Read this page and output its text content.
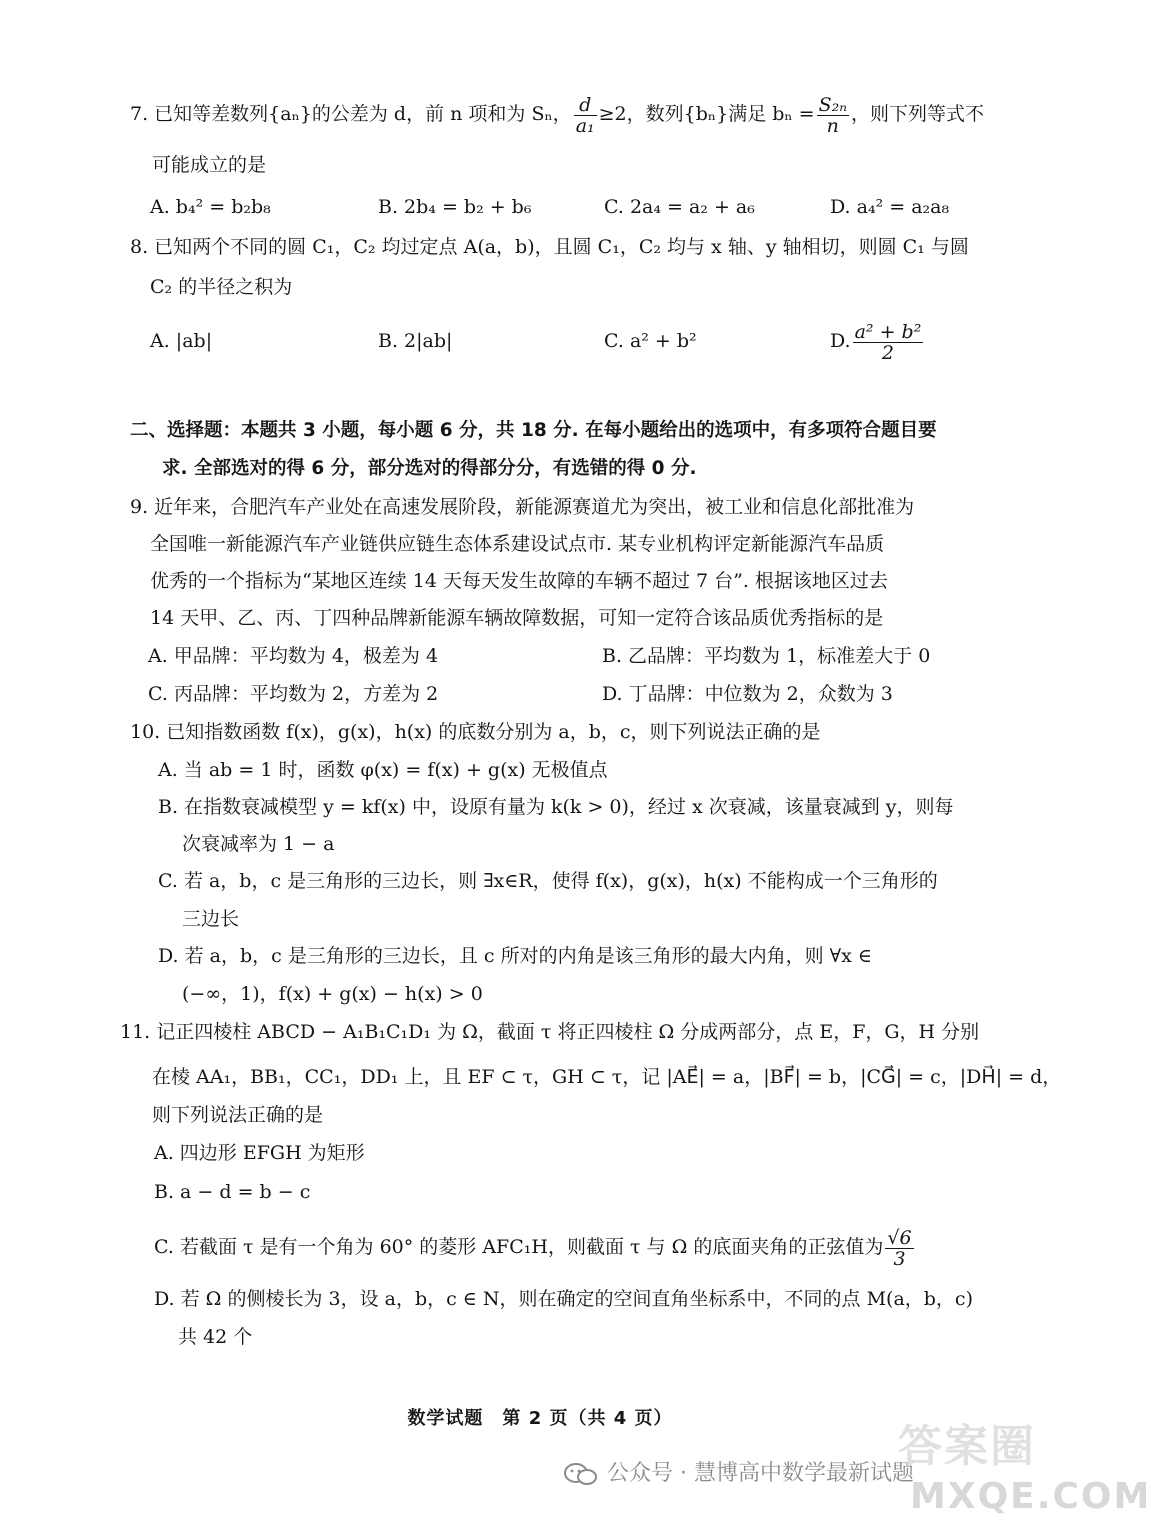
7. 已知等差数列{aₙ}的公差为 d，前 n 项和为 Sₙ， $\frac{d}{\text{a₁}} \ge 2$，数列{bₙ}满足 $b_n = \frac{\text{S₂ₙ}}{n}$ ，则下列等式不
可能成立的是
A. b₄² = b₂b₈	B. 2b₄ = b₂ + b₆	C. 2a₄ = a₂ + a₆	D. a₄² = a₂a₈
8. 已知两个不同的圆 C₁，C₂ 均过定点 A(a，b)，且圆 C₁，C₂ 均与 x 轴、y 轴相切，则圆 C₁ 与圆
C₂ 的半径之积为
A. |ab|	B. 2|ab|	C. a² + b²	D. $\frac{\text{a² + b²}}{2}$
二、选择题：本题共 3 小题，每小题 6 分，共 18 分. 在每小题给出的选项中，有多项符合题目要
求. 全部选对的得 6 分，部分选对的得部分分，有选错的得 0 分.
9. 近年来，合肥汽车产业处在高速发展阶段，新能源赛道尤为突出，被工业和信息化部批准为
全国唯一新能源汽车产业链供应链生态体系建设试点市. 某专业机构评定新能源汽车品质
优秀的一个指标为“某地区连续 14 天每天发生故障的车辆不超过 7 台”. 根据该地区过去
14 天甲、乙、丙、丁四种品牌新能源车辆故障数据，可知一定符合该品质优秀指标的是
A. 甲品牌：平均数为 4，极差为 4	B. 乙品牌：平均数为 1，标准差大于 0
C. 丙品牌：平均数为 2，方差为 2	D. 丁品牌：中位数为 2，众数为 3
10. 已知指数函数 f(x)，g(x)，h(x) 的底数分别为 a，b，c，则下列说法正确的是
A. 当 ab = 1 时，函数 φ(x) = f(x) + g(x) 无极值点
B. 在指数衰减模型 y = kf(x) 中，设原有量为 k(k > 0)，经过 x 次衰减，该量衰减到 y，则每
次衰减率为 1 − a
C. 若 a，b，c 是三角形的三边长，则 ∃x∈R，使得 f(x)，g(x)，h(x) 不能构成一个三角形的
三边长
D. 若 a，b，c 是三角形的三边长，且 c 所对的内角是该三角形的最大内角，则 ∀x ∈
(−∞，1)，f(x) + g(x) − h(x) > 0
11. 记正四棱柱 ABCD − A₁B₁C₁D₁ 为 Ω，截面 τ 将正四棱柱 Ω 分成两部分，点 E，F，G，H 分别
在棱 AA₁，BB₁，CC₁，DD₁ 上，且 EF ⊂ τ，GH ⊂ τ，记 |AE⃗| = a，|BF⃗| = b，|CG⃗| = c，|DH⃗| = d，
则下列说法正确的是
A. 四边形 EFGH 为矩形
B. a − d = b − c
C. 若截面 τ 是有一个角为 60° 的菱形 AFC₁H，则截面 τ 与 Ω 的底面夹角的正弦值为 $\frac{√6}{3}$
D. 若 Ω 的侧棱长为 3，设 a，b，c ∈ N，则在确定的空间直角坐标系中，不同的点 M(a，b，c)
共 42 个
数学试题　第 2 页（共 4 页）
公众号 · 慧博高中数学最新试题
答案圈
MXQE.COM
